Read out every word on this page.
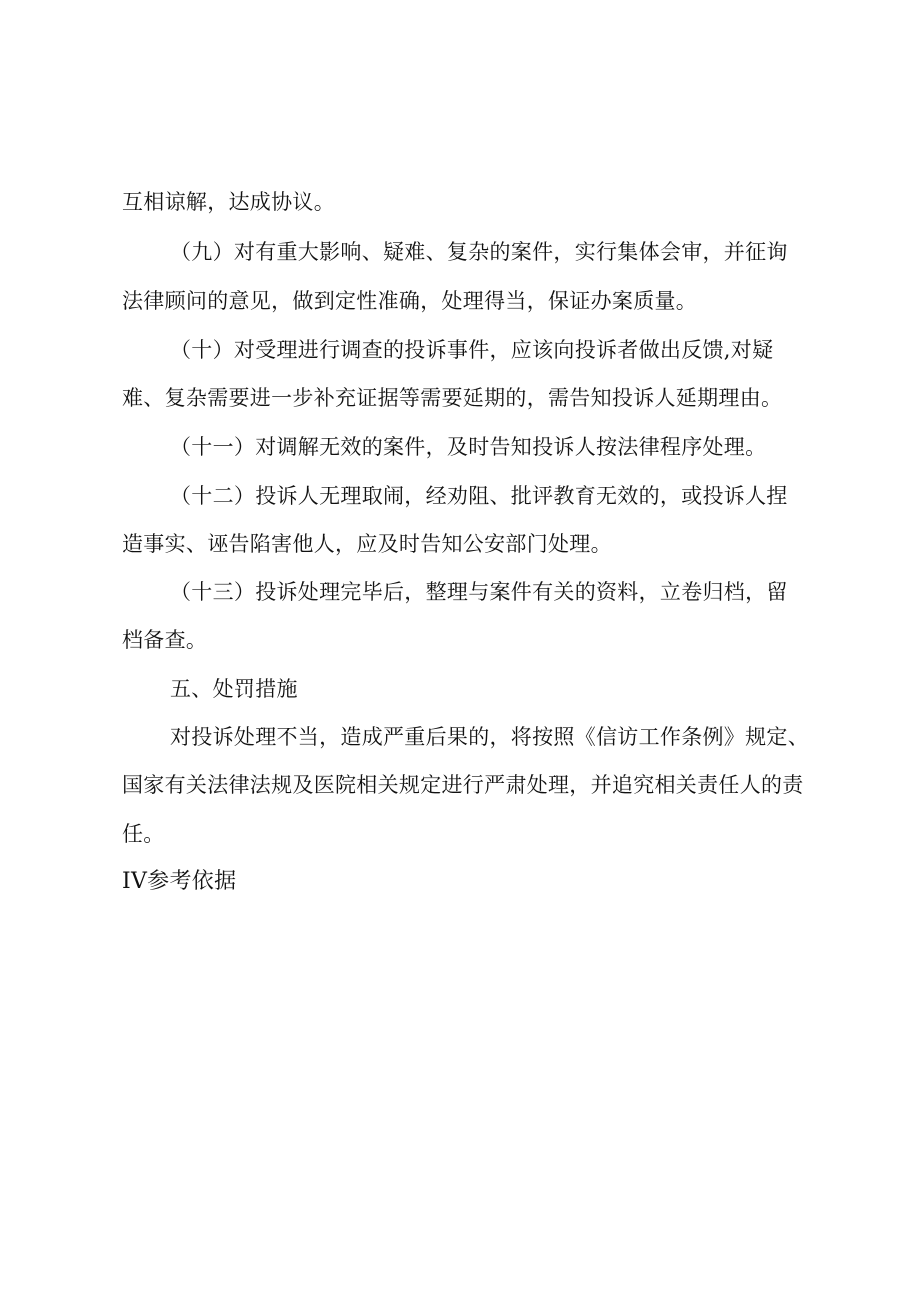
互相谅解，达成协议。
（九）对有重大影响、疑难、复杂的案件，实行集体会审，并征询
法律顾问的意见，做到定性准确，处理得当，保证办案质量。
（十）对受理进行调查的投诉事件，应该向投诉者做出反馈,对疑
难、复杂需要进一步补充证据等需要延期的，需告知投诉人延期理由。
（十一）对调解无效的案件，及时告知投诉人按法律程序处理。
（十二）投诉人无理取闹，经劝阻、批评教育无效的，或投诉人捏
造事实、诬告陷害他人，应及时告知公安部门处理。
（十三）投诉处理完毕后，整理与案件有关的资料，立卷归档，留
档备查。
五、处罚措施
对投诉处理不当，造成严重后果的，将按照《信访工作条例》规定、
国家有关法律法规及医院相关规定进行严肃处理，并追究相关责任人的责
任。
IV参考依据
